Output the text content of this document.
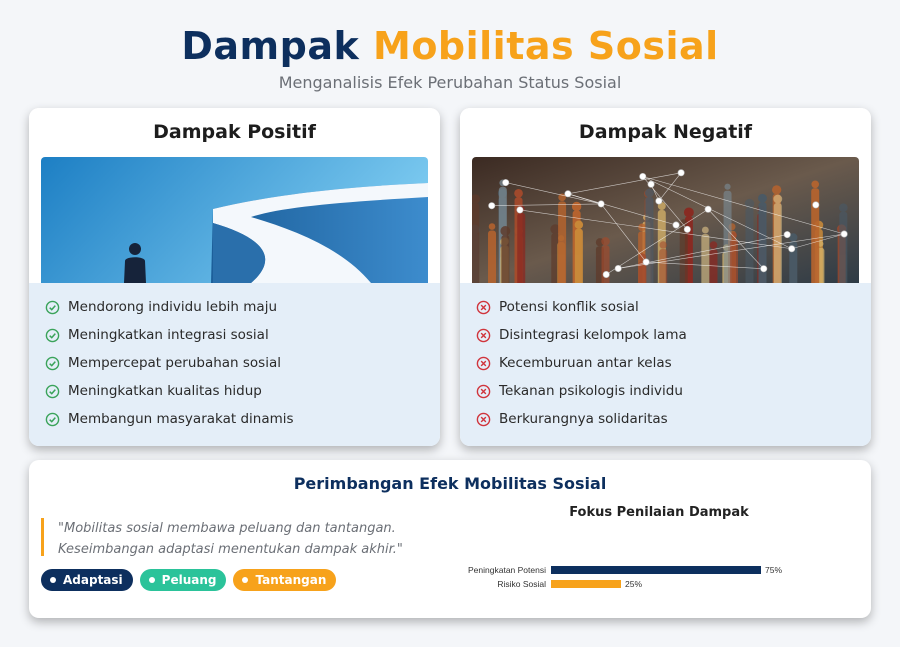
Dampak Mobilitas Sosial
Menganalisis Efek Perubahan Status Sosial
Dampak Positif
Mendorong individu lebih maju
Meningkatkan integrasi sosial
Mempercepat perubahan sosial
Meningkatkan kualitas hidup
Membangun masyarakat dinamis
Dampak Negatif
Potensi konflik sosial
Disintegrasi kelompok lama
Kecemburuan antar kelas
Tekanan psikologis individu
Berkurangnya solidaritas
Perimbangan Efek Mobilitas Sosial
"Mobilitas sosial membawa peluang dan tantangan. Keseimbangan adaptasi menentukan dampak akhir."
Adaptasi	Peluang	Tantangan
Fokus Penilaian Dampak
Peningkatan Potensi	75%
Risiko Sosial	25%
